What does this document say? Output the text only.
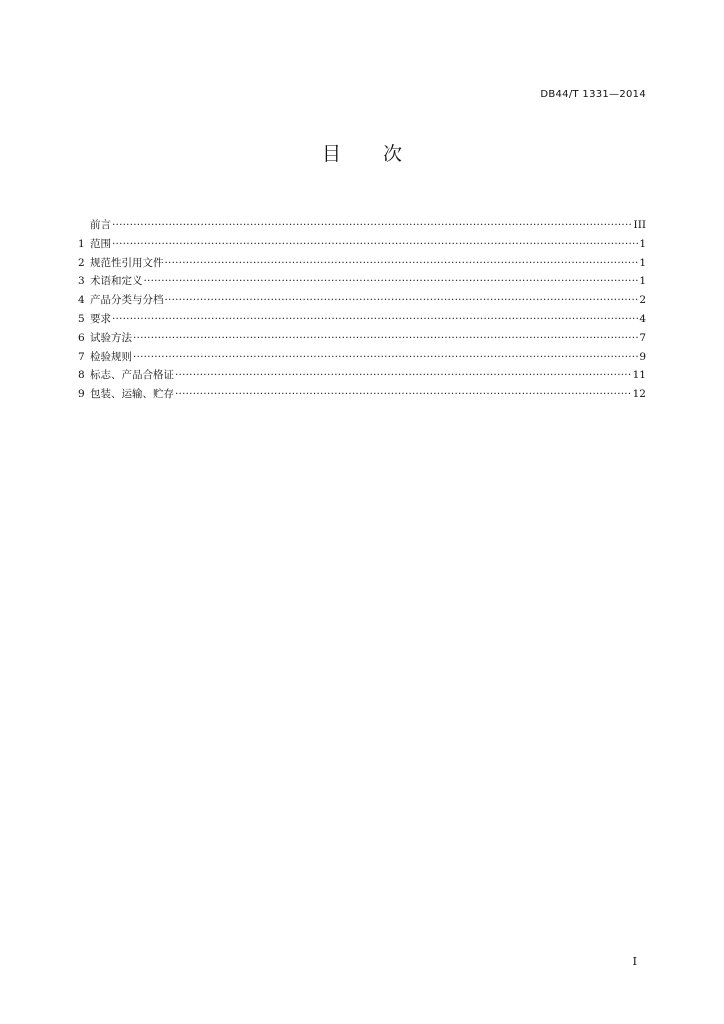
DB44/T 1331—2014
目 次
前言 ·····	III
1 范围 ·····	1
2 规范性引用文件 ·····	1
3 术语和定义 ·····	1
4 产品分类与分档 ·····	2
5 要求 ·····	4
6 试验方法 ·····	7
7 检验规则 ·····	9
8 标志、产品合格证 ·····	11
9 包装、运输、贮存 ·····	12
I
